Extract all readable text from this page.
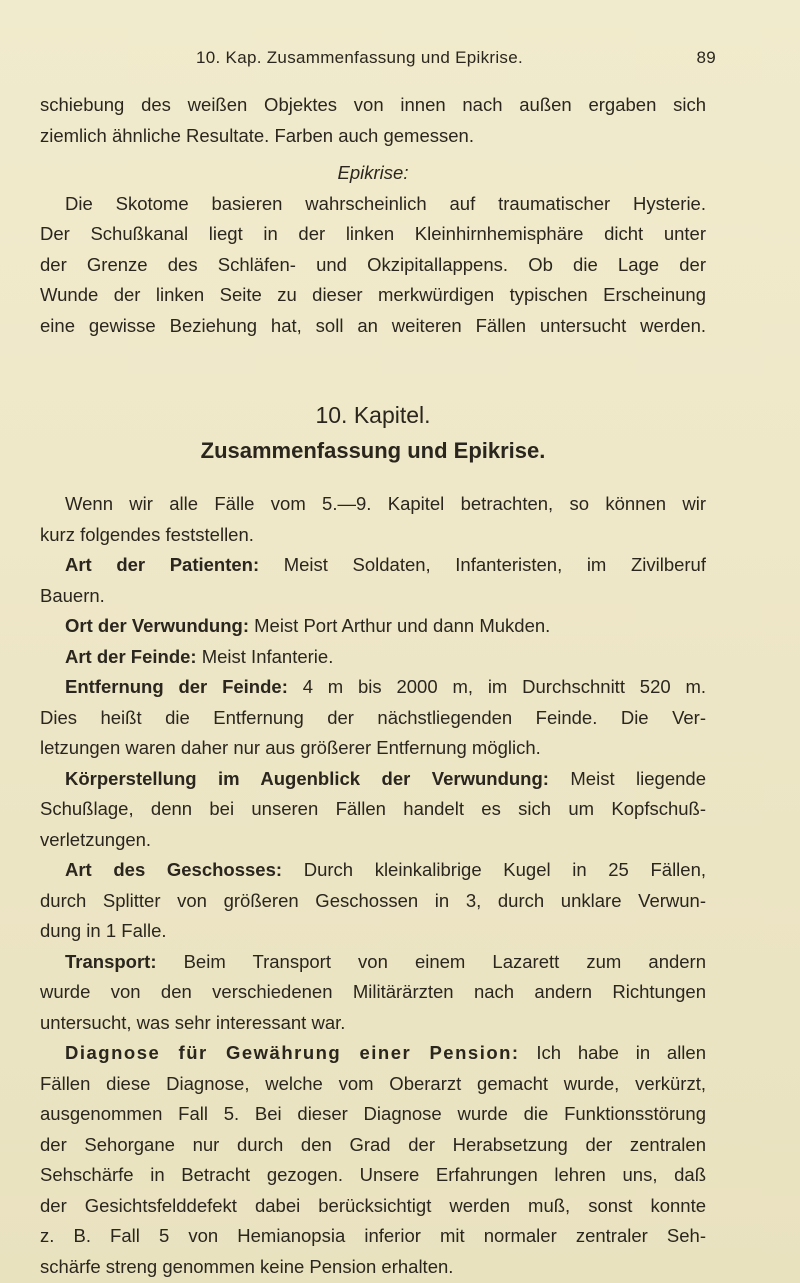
10. Kap. Zusammenfassung und Epikrise.	89
schiebung des weißen Objektes von innen nach außen ergaben sich
ziemlich ähnliche Resultate. Farben auch gemessen.
Epikrise:
Die Skotome basieren wahrscheinlich auf traumatischer Hysterie.
Der Schußkanal liegt in der linken Kleinhirnhemisphäre dicht unter
der Grenze des Schläfen- und Okzipitallappens. Ob die Lage der
Wunde der linken Seite zu dieser merkwürdigen typischen Erscheinung
eine gewisse Beziehung hat, soll an weiteren Fällen untersucht werden.
10. Kapitel.
Zusammenfassung und Epikrise.
Wenn wir alle Fälle vom 5.—9. Kapitel betrachten, so können wir
kurz folgendes feststellen.
Art der Patienten: Meist Soldaten, Infanteristen, im Zivilberuf
Bauern.
Ort der Verwundung: Meist Port Arthur und dann Mukden.
Art der Feinde: Meist Infanterie.
Entfernung der Feinde: 4 m bis 2000 m, im Durchschnitt 520 m.
Dies heißt die Entfernung der nächstliegenden Feinde. Die Ver-
letzungen waren daher nur aus größerer Entfernung möglich.
Körperstellung im Augenblick der Verwundung: Meist liegende
Schußlage, denn bei unseren Fällen handelt es sich um Kopfschuß-
verletzungen.
Art des Geschosses: Durch kleinkalibrige Kugel in 25 Fällen,
durch Splitter von größeren Geschossen in 3, durch unklare Verwun-
dung in 1 Falle.
Transport: Beim Transport von einem Lazarett zum andern
wurde von den verschiedenen Militärärzten nach andern Richtungen
untersucht, was sehr interessant war.
Diagnose für Gewährung einer Pension: Ich habe in allen
Fällen diese Diagnose, welche vom Oberarzt gemacht wurde, verkürzt,
ausgenommen Fall 5. Bei dieser Diagnose wurde die Funktionsstörung
der Sehorgane nur durch den Grad der Herabsetzung der zentralen
Sehschärfe in Betracht gezogen. Unsere Erfahrungen lehren uns, daß
der Gesichtsfelddefekt dabei berücksichtigt werden muß, sonst konnte
z. B. Fall 5 von Hemianopsia inferior mit normaler zentraler Seh-
schärfe streng genommen keine Pension erhalten.
